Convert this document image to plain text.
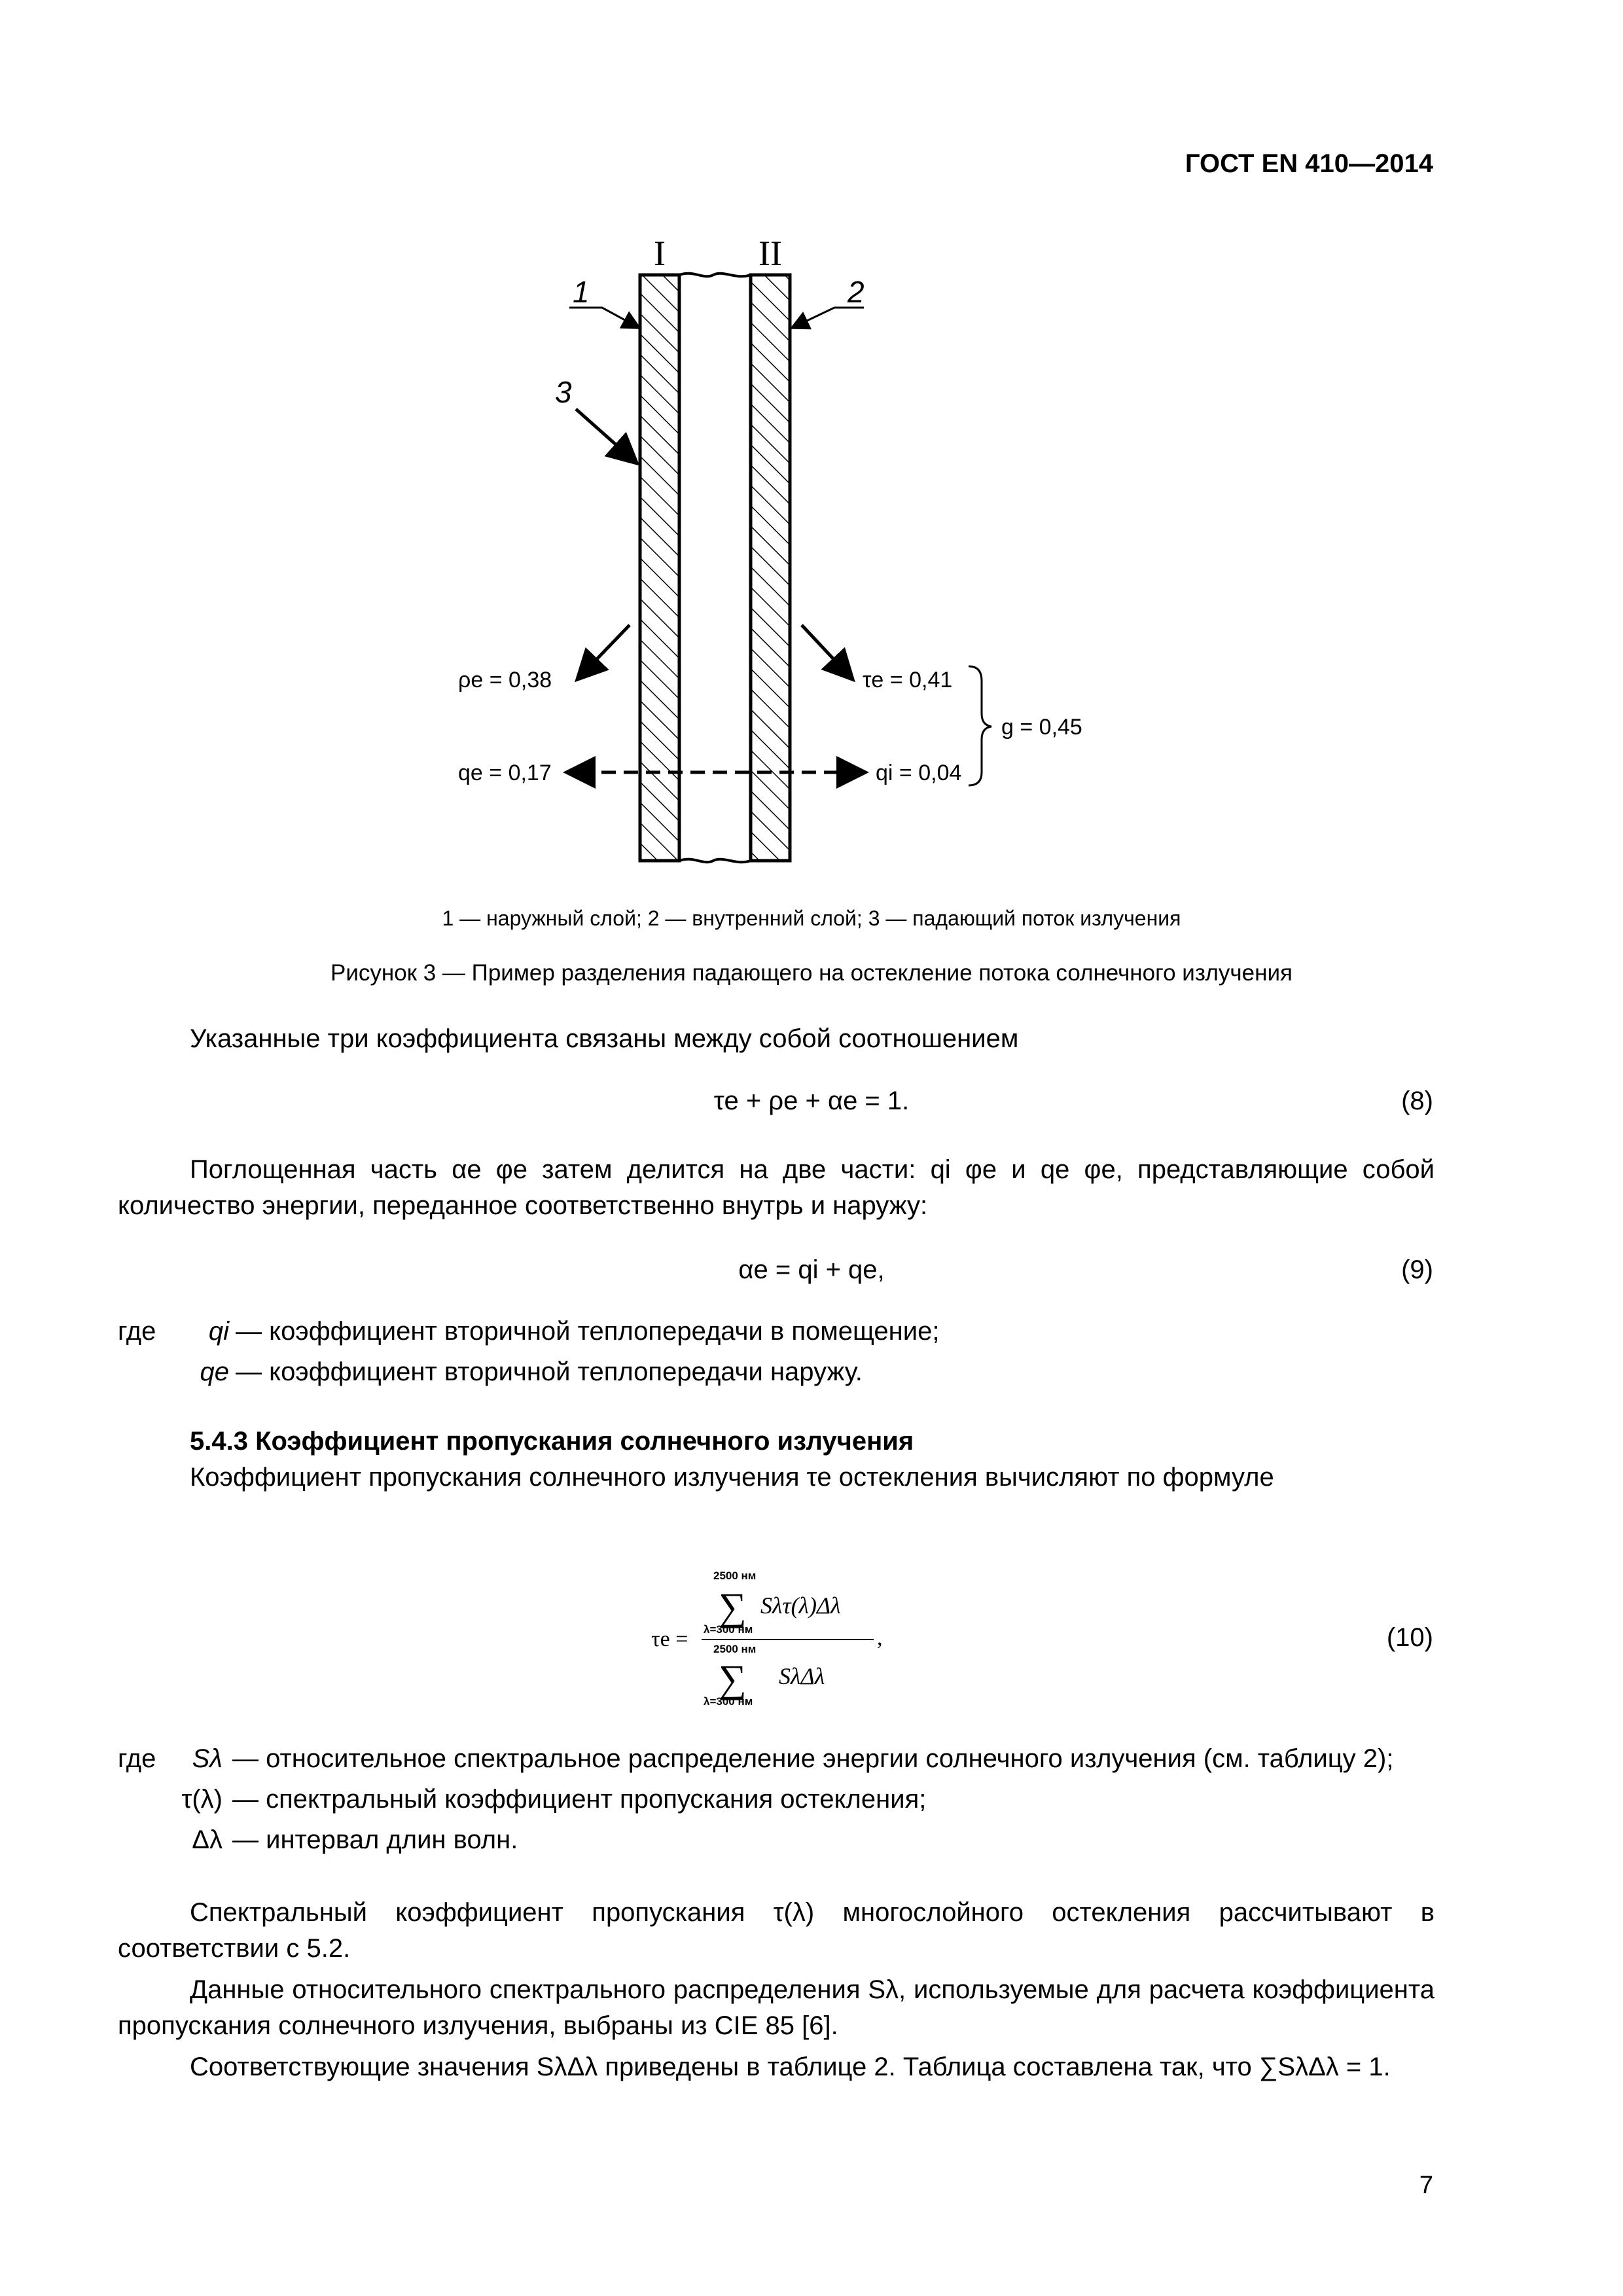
ГОСТ EN 410—2014
I	II
1	2
3
ρe = 0,38	τe = 0,41
qe = 0,17	qi = 0,04
g = 0,45
1 — наружный слой; 2 — внутренний слой; 3 — падающий поток излучения
Рисунок 3 — Пример разделения падающего на остекление потока солнечного излучения
Указанные три коэффициента связаны между собой соотношением
τe + ρe + αe = 1.	(8)
Поглощенная часть αe φe затем делится на две части: qi φe и qe φe, представляющие собой количество энергии, переданное соответственно внутрь и наружу:
αe = qi + qe,	(9)
где	qi — коэффициент вторичной теплопередачи в помещение;
qe — коэффициент вторичной теплопередачи наружу.
5.4.3 Коэффициент пропускания солнечного излучения
Коэффициент пропускания солнечного излучения τe остекления вычисляют по формуле
τe =
2500 нм
∑
λ=300 нм
Sλτ(λ)Δλ
,
2500 нм
∑
λ=300 нм
SλΔλ
(10)
где	Sλ — относительное спектральное распределение энергии солнечного излучения (см. таблицу 2);
τ(λ) — спектральный коэффициент пропускания остекления;
Δλ — интервал длин волн.
Спектральный коэффициент пропускания τ(λ) многослойного остекления рассчитывают в соответствии с 5.2.
Данные относительного спектрального распределения Sλ, используемые для расчета коэффициента пропускания солнечного излучения, выбраны из CIE 85 [6].
Соответствующие значения SλΔλ приведены в таблице 2. Таблица составлена так, что ∑SλΔλ = 1.
7
